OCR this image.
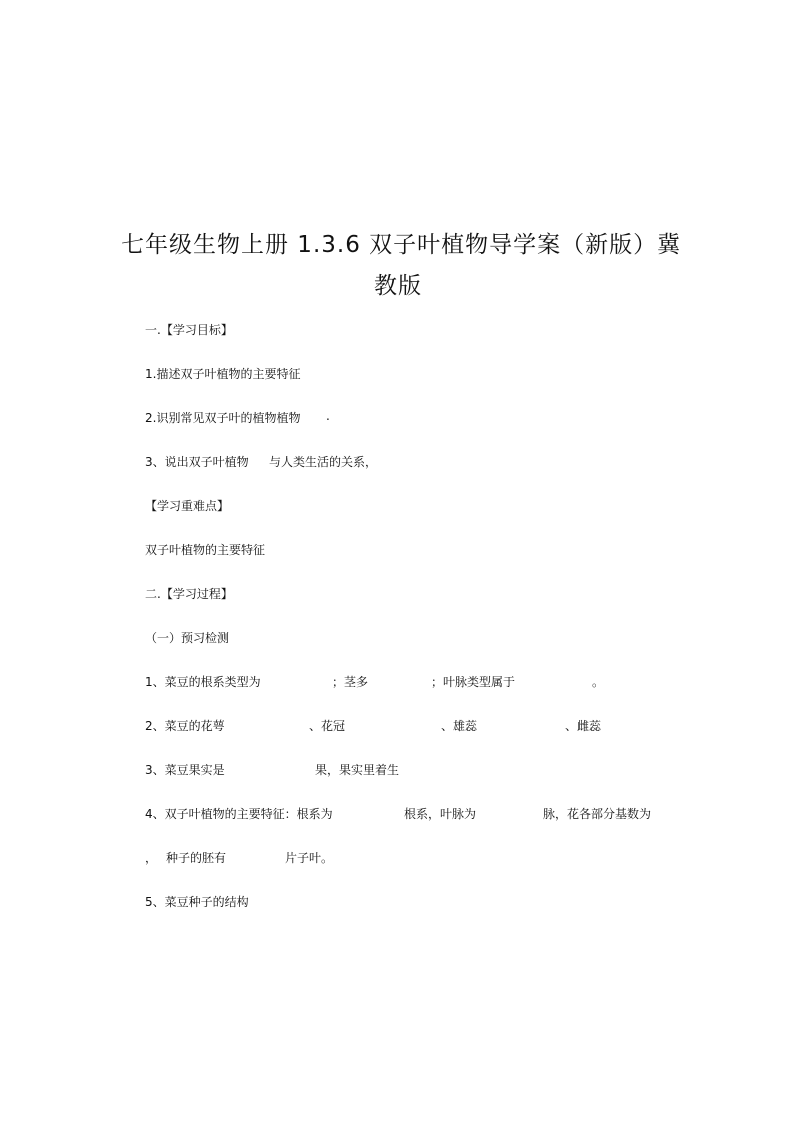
七年级生物上册 1.3.6 双子叶植物导学案（新版）冀
教版
一.【学习目标】
1.描述双子叶植物的主要特征
2.识别常见双子叶的植物植物 .
3、说出双子叶植物 与人类生活的关系，
【学习重难点】
双子叶植物的主要特征
二.【学习过程】
（一）预习检测
1、菜豆的根系类型为	；茎多	；叶脉类型属于	。
2、菜豆的花萼	、花冠	、雄蕊	、雌蕊
3、菜豆果实是	果，果实里着生
4、双子叶植物的主要特征：根系为	根系，叶脉为	脉，花各部分基数为
， 种子的胚有	片子叶。
5、菜豆种子的结构
